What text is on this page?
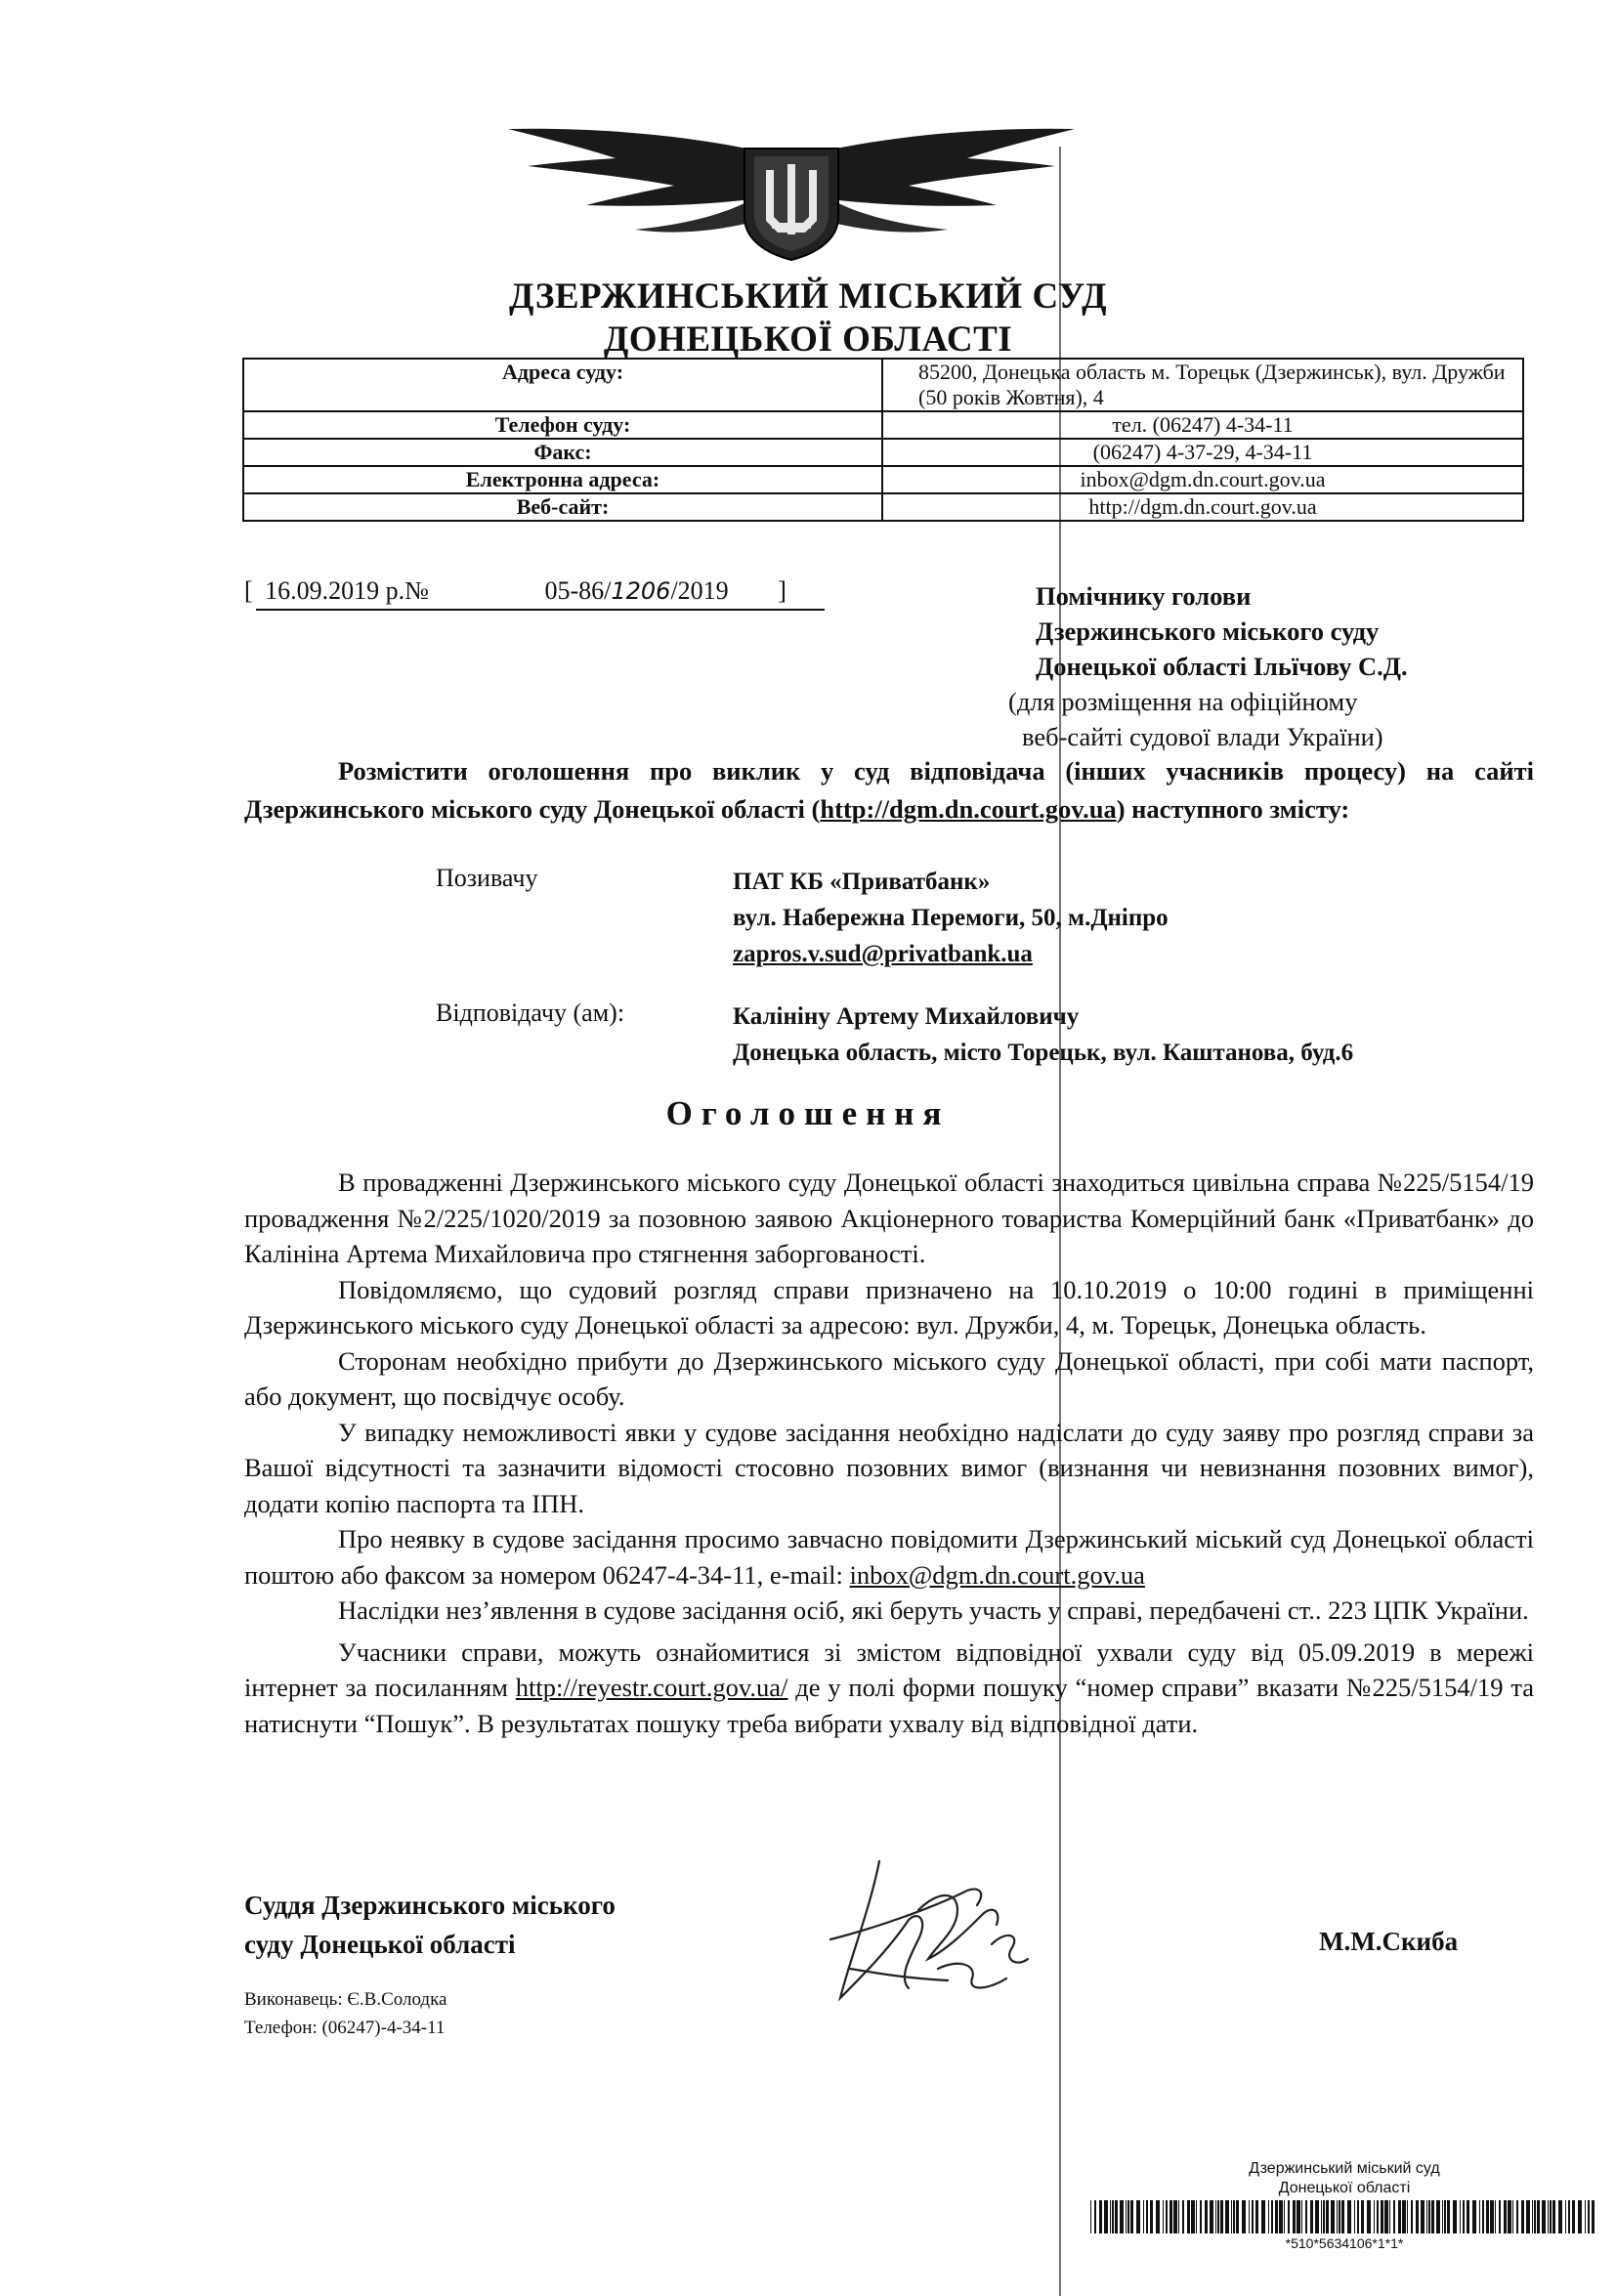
ДЗЕРЖИНСЬКИЙ МІСЬКИЙ СУД
ДОНЕЦЬКОЇ ОБЛАСТІ
Адреса суду:	85200, Донецька область м. Торецьк (Дзержинськ), вул. Дружби (50 років Жовтня), 4
Телефон суду:	тел. (06247) 4-34-11
Факс:	(06247) 4-37-29, 4-34-11
Електронна адреса:	inbox@dgm.dn.court.gov.ua
Веб-сайт:	http://dgm.dn.court.gov.ua
[ 16.09.2019 р.№	05-86/1206/2019 ]	Помічнику голови
Дзержинського міського суду
Донецької області Ільїчову С.Д.
(для розміщення на офіційному
веб-сайті судової влади України)
Розмістити оголошення про виклик у суд відповідача (інших учасників процесу) на сайті Дзержинського міського суду Донецької області (http://dgm.dn.court.gov.ua) наступного змісту:
Позивачу	ПАТ КБ «Приватбанк»
вул. Набережна Перемоги, 50, м.Дніпро
zapros.v.sud@privatbank.ua
Відповідачу (ам):	Калініну Артему Михайловичу
Донецька область, місто Торецьк, вул. Каштанова, буд.6
Оголошення

В провадженні Дзержинського міського суду Донецької області знаходиться цивільна справа №225/5154/19 провадження №2/225/1020/2019 за позовною заявою Акціонерного товариства Комерційний банк «Приватбанк» до Калініна Артема Михайловича про стягнення заборгованості.

Повідомляємо, що судовий розгляд справи призначено на 10.10.2019 о 10:00 годині в приміщенні Дзержинського міського суду Донецької області за адресою: вул. Дружби, 4, м. Торецьк, Донецька область.

Сторонам необхідно прибути до Дзержинського міського суду Донецької області, при собі мати паспорт, або документ, що посвідчує особу.

У випадку неможливості явки у судове засідання необхідно надіслати до суду заяву про розгляд справи за Вашої відсутності та зазначити відомості стосовно позовних вимог (визнання чи невизнання позовних вимог), додати копію паспорта та ІПН.

Про неявку в судове засідання просимо завчасно повідомити Дзержинський міський суд Донецької області поштою або факсом за номером 06247-4-34-11, e-mail: inbox@dgm.dn.court.gov.ua

Наслідки нез’явлення в судове засідання осіб, які беруть участь у справі, передбачені ст.. 223 ЦПК України.

Учасники справи, можуть ознайомитися зі змістом відповідної ухвали суду від 05.09.2019 в мережі інтернет за посиланням http://reyestr.court.gov.ua/ де у полі форми пошуку “номер справи” вказати №225/5154/19 та натиснути “Пошук”. В результатах пошуку треба вибрати ухвалу від відповідної дати.

Суддя Дзержинського міського
суду Донецької області	М.М.Скиба
Виконавець: Є.В.Солодка
Телефон: (06247)-4-34-11
Дзержинський міський суд
Донецької області
*510*5634106*1*1*
